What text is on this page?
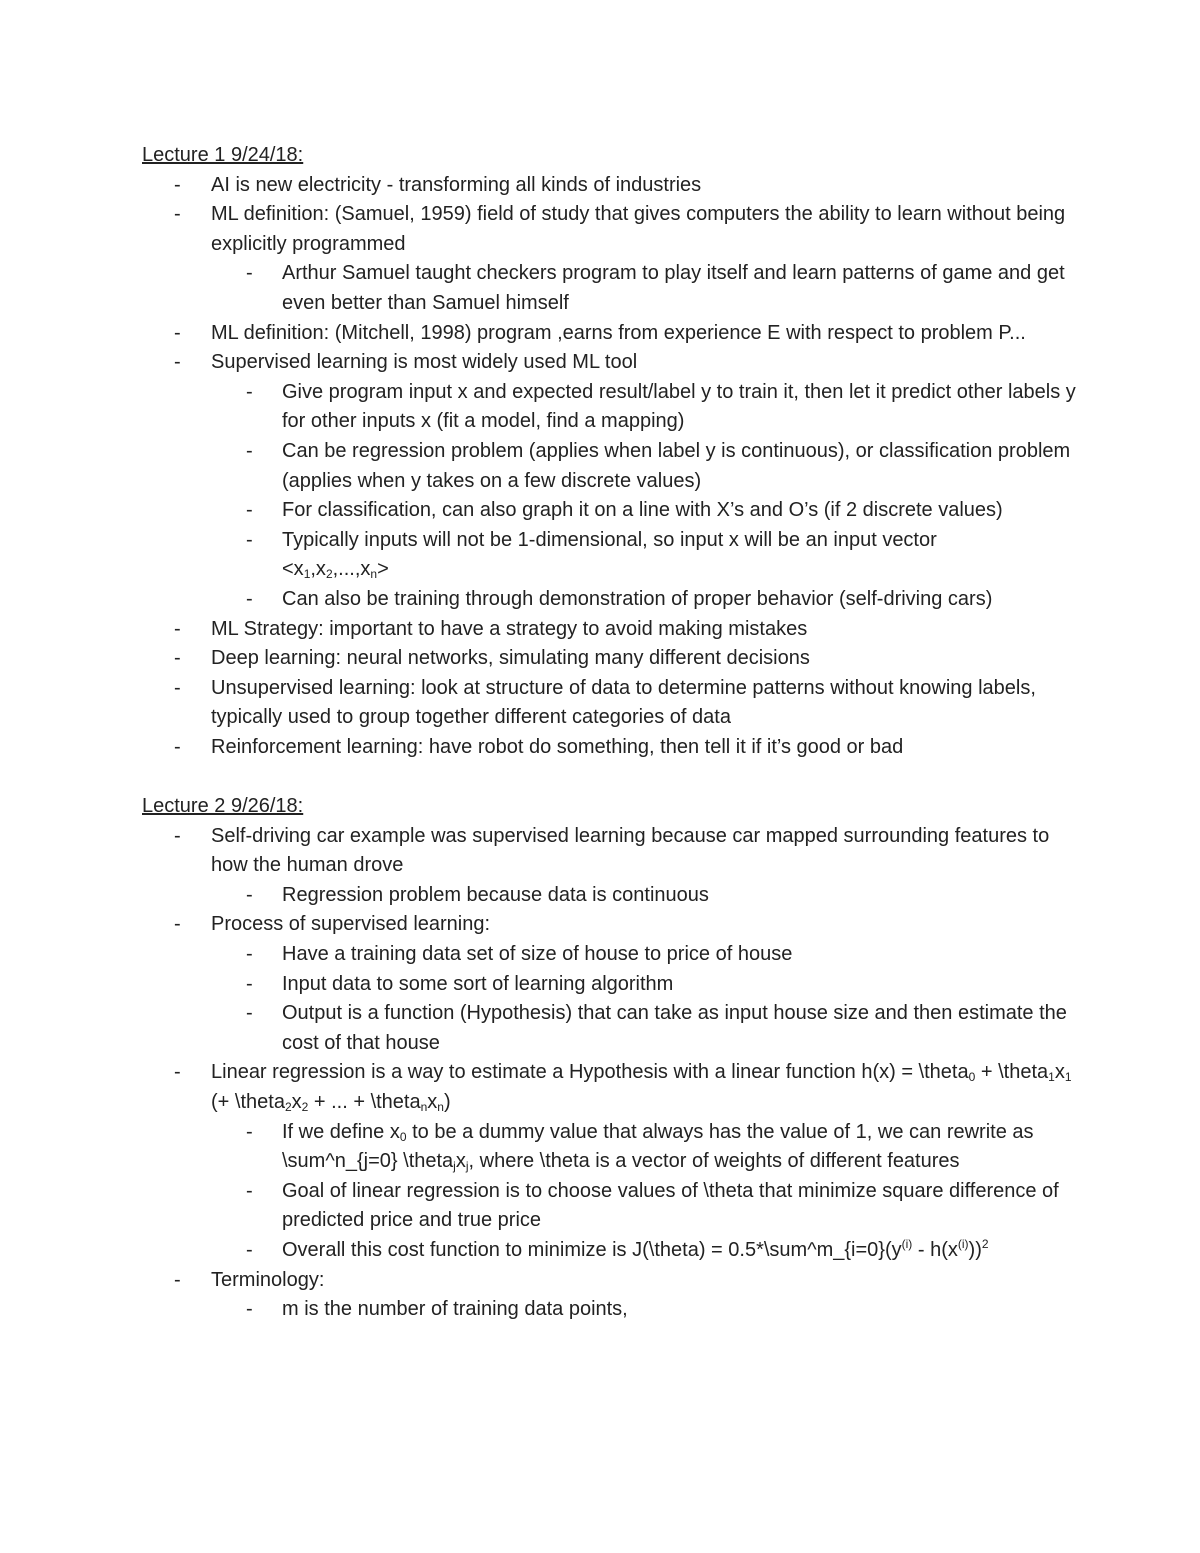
Lecture 1 9/24/18:

- AI is new electricity - transforming all kinds of industries
- ML definition: (Samuel, 1959) field of study that gives computers the ability to learn without being explicitly programmed
- Arthur Samuel taught checkers program to play itself and learn patterns of game and get even better than Samuel himself
- ML definition: (Mitchell, 1998) program ,earns from experience E with respect to problem P...
- Supervised learning is most widely used ML tool
- Give program input x and expected result/label y to train it, then let it predict other labels y for other inputs x (fit a model, find a mapping)
- Can be regression problem (applies when label y is continuous), or classification problem (applies when y takes on a few discrete values)
- For classification, can also graph it on a line with X’s and O’s (if 2 discrete values)
- Typically inputs will not be 1-dimensional, so input x will be an input vector
$<x_1,x_2,...,x_n>$
- Can also be training through demonstration of proper behavior (self-driving cars)
- ML Strategy: important to have a strategy to avoid making mistakes
- Deep learning: neural networks, simulating many different decisions
- Unsupervised learning: look at structure of data to determine patterns without knowing labels, typically used to group together different categories of data
- Reinforcement learning: have robot do something, then tell it if it’s good or bad

Lecture 2 9/26/18:

- Self-driving car example was supervised learning because car mapped surrounding features to how the human drove
- Regression problem because data is continuous
- Process of supervised learning:
- Have a training data set of size of house to price of house
- Input data to some sort of learning algorithm
- Output is a function (Hypothesis) that can take as input house size and then estimate the cost of that house
- Linear regression is a way to estimate a Hypothesis with a linear function h(x) = \theta$_0$ + $\backslash theta_1x_1$ (+ $\backslash theta_2x_2$ + ... + $\backslash theta_nx_n$)
- If we define $x_0$ to be a dummy value that always has the value of 1, we can rewrite as \sum^n_{j=0} $\backslash theta_jx_j$, where \theta is a vector of weights of different features
- Goal of linear regression is to choose values of \theta that minimize square difference of predicted price and true price
- Overall this cost function to minimize is J(\theta) = $0.5*\backslash sum\^{}m\_\{i=0\}(y^{(i)} - h(x^{(i)}))^2$
- Terminology:
- m is the number of training data points,
